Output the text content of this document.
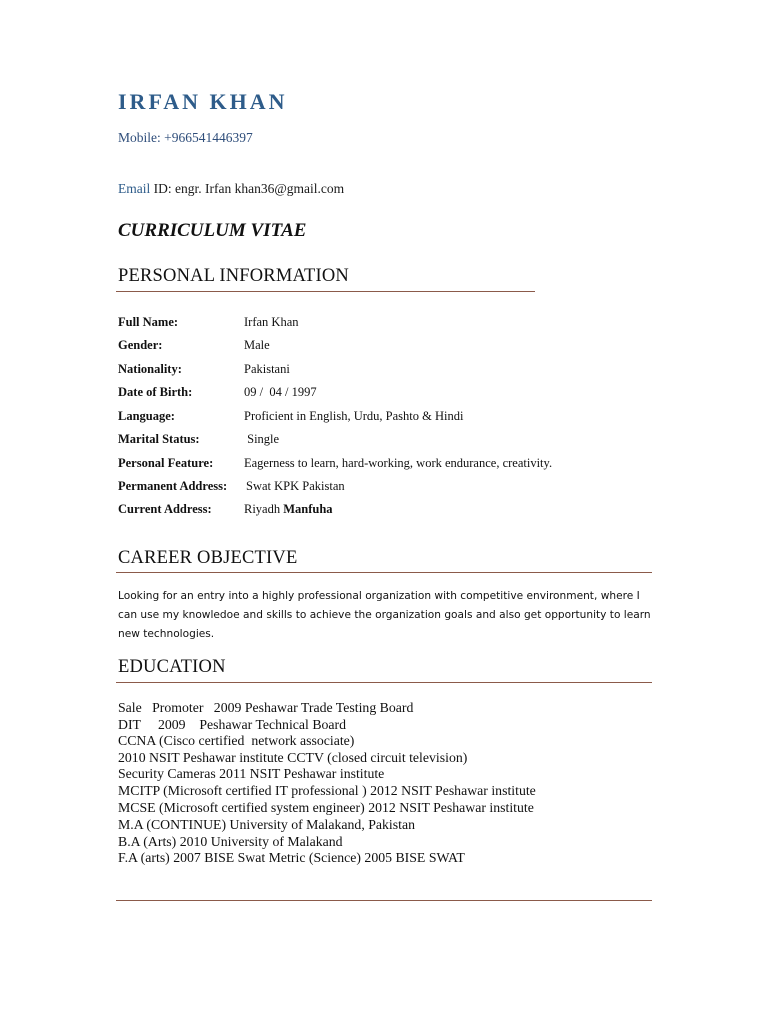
IRFAN KHAN
Mobile: +966541446397
Email ID: engr. Irfan khan36@gmail.com
CURRICULUM VITAE
PERSONAL INFORMATION
Full Name:	Irfan Khan
Gender:	Male
Nationality:	Pakistani
Date of Birth:	09 /  04 / 1997
Language:	Proficient in English, Urdu, Pashto & Hindi
Marital Status:	Single
Personal Feature: Eagerness to learn, hard-working, work endurance, creativity.
Permanent Address: Swat KPK Pakistan
Current Address:	Riyadh Manfuha
CAREER OBJECTIVE
Looking for an entry into a highly professional organization with competitive environment, where I can use my knowledoe and skills to achieve the organization goals and also get opportunity to learn new technologies.
EDUCATION
Sale   Promoter   2009 Peshawar Trade Testing Board
DIT     2009    Peshawar Technical Board
CCNA (Cisco certified  network associate)
2010 NSIT Peshawar institute CCTV (closed circuit television)
Security Cameras 2011 NSIT Peshawar institute
MCITP (Microsoft certified IT professional ) 2012 NSIT Peshawar institute
MCSE (Microsoft certified system engineer) 2012 NSIT Peshawar institute
M.A (CONTINUE) University of Malakand, Pakistan
B.A (Arts) 2010 University of Malakand
F.A (arts) 2007 BISE Swat Metric (Science) 2005 BISE SWAT
